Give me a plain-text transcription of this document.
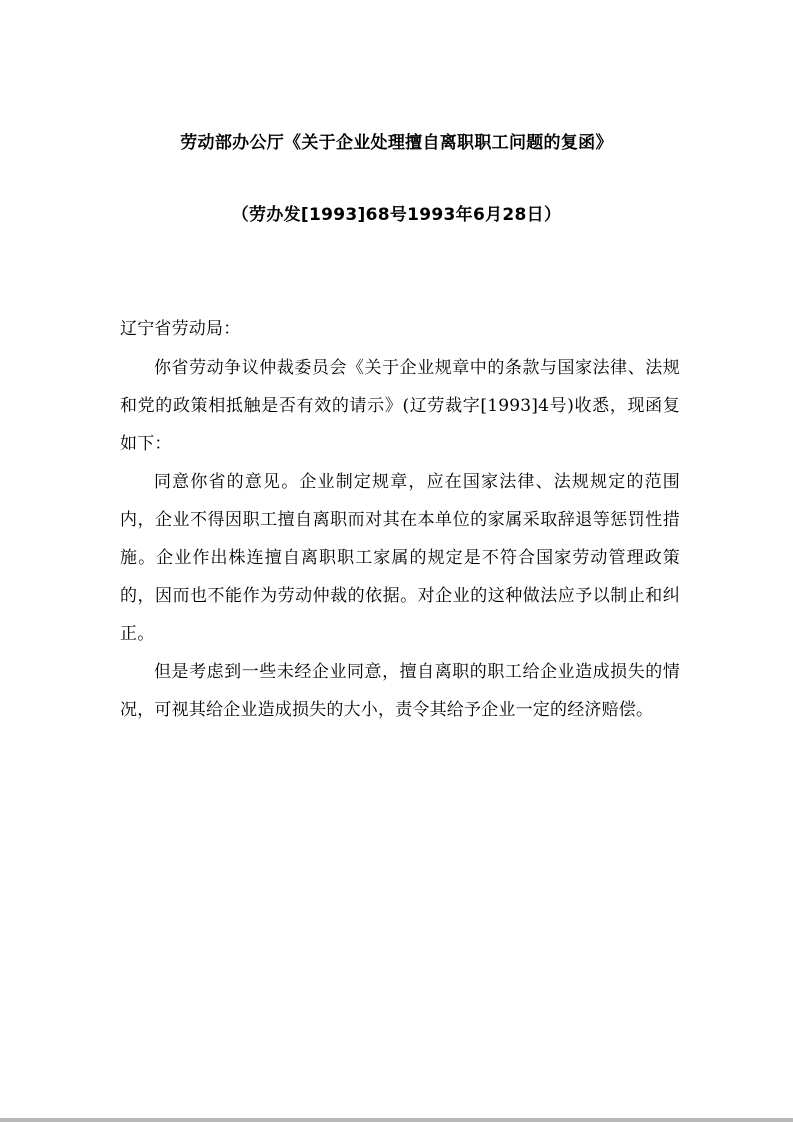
劳动部办公厅《关于企业处理擅自离职职工问题的复函》
（劳办发[1993]68号1993年6月28日）
辽宁省劳动局：

你省劳动争议仲裁委员会《关于企业规章中的条款与国家法律、法规和党的政策相抵触是否有效的请示》(辽劳裁字[1993]4号)收悉，现函复如下：

同意你省的意见。企业制定规章，应在国家法律、法规规定的范围内，企业不得因职工擅自离职而对其在本单位的家属采取辞退等惩罚性措施。企业作出株连擅自离职职工家属的规定是不符合国家劳动管理政策的，因而也不能作为劳动仲裁的依据。对企业的这种做法应予以制止和纠正。

但是考虑到一些未经企业同意，擅自离职的职工给企业造成损失的情况，可视其给企业造成损失的大小，责令其给予企业一定的经济赔偿。
